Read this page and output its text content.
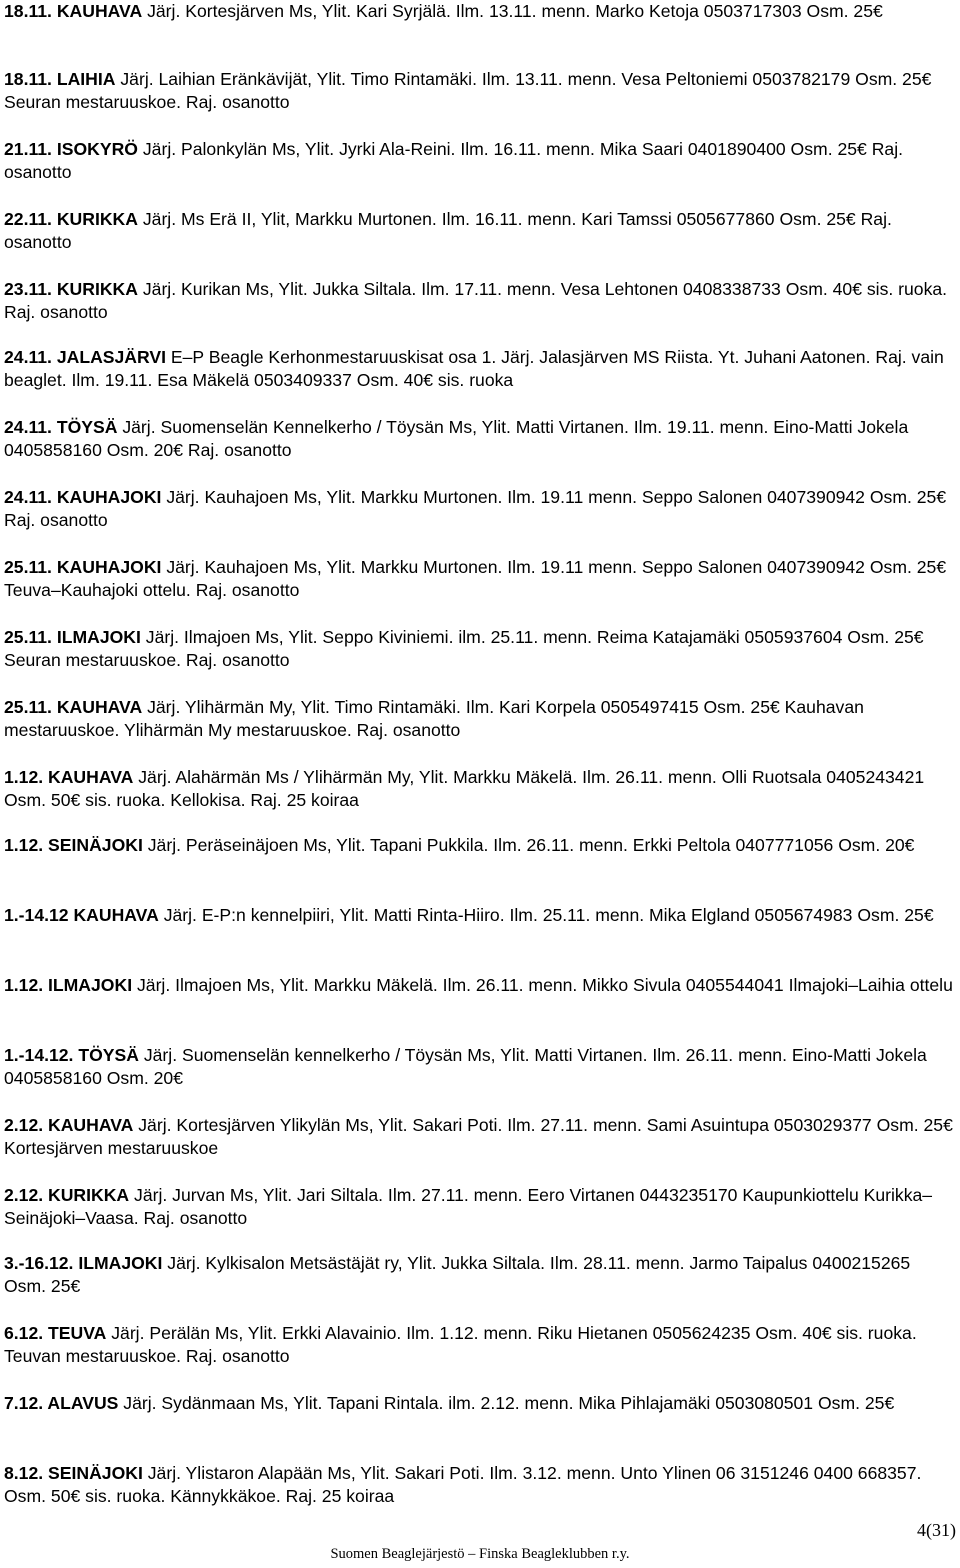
18.11. KAUHAVA Järj. Kortesjärven Ms, Ylit. Kari Syrjälä. Ilm. 13.11. menn. Marko Ketoja 0503717303 Osm. 25€

18.11. LAIHIA Järj. Laihian Eränkävijät, Ylit. Timo Rintamäki. Ilm. 13.11. menn. Vesa Peltoniemi 0503782179 Osm. 25€ Seuran mestaruuskoe. Raj. osanotto

21.11. ISOKYRÖ Järj. Palonkylän Ms, Ylit. Jyrki Ala-Reini. Ilm. 16.11. menn. Mika Saari 0401890400 Osm. 25€ Raj. osanotto

22.11. KURIKKA Järj. Ms Erä II, Ylit, Markku Murtonen. Ilm. 16.11. menn. Kari Tamssi 0505677860 Osm. 25€ Raj. osanotto

23.11. KURIKKA Järj. Kurikan Ms, Ylit. Jukka Siltala. Ilm. 17.11. menn. Vesa Lehtonen 0408338733 Osm. 40€ sis. ruoka. Raj. osanotto

24.11. JALASJÄRVI E–P Beagle Kerhonmestaruuskisat osa 1. Järj. Jalasjärven MS Riista. Yt. Juhani Aatonen. Raj. vain beaglet. Ilm. 19.11. Esa Mäkelä 0503409337 Osm. 40€ sis. ruoka

24.11. TÖYSÄ Järj. Suomenselän Kennelkerho / Töysän Ms, Ylit. Matti Virtanen. Ilm. 19.11. menn. Eino-Matti Jokela 0405858160 Osm. 20€ Raj. osanotto

24.11. KAUHAJOKI Järj. Kauhajoen Ms, Ylit. Markku Murtonen. Ilm. 19.11 menn. Seppo Salonen 0407390942 Osm. 25€ Raj. osanotto

25.11. KAUHAJOKI Järj. Kauhajoen Ms, Ylit. Markku Murtonen. Ilm. 19.11 menn. Seppo Salonen 0407390942 Osm. 25€ Teuva–Kauhajoki ottelu. Raj. osanotto

25.11. ILMAJOKI Järj. Ilmajoen Ms, Ylit. Seppo Kiviniemi. ilm. 25.11. menn. Reima Katajamäki 0505937604 Osm. 25€ Seuran mestaruuskoe. Raj. osanotto

25.11. KAUHAVA Järj. Ylihärmän My, Ylit. Timo Rintamäki. Ilm. Kari Korpela 0505497415 Osm. 25€ Kauhavan mestaruuskoe. Ylihärmän My mestaruuskoe. Raj. osanotto

1.12. KAUHAVA Järj. Alahärmän Ms / Ylihärmän My, Ylit. Markku Mäkelä. Ilm. 26.11. menn. Olli Ruotsala 0405243421 Osm. 50€ sis. ruoka. Kellokisa. Raj. 25 koiraa

1.12. SEINÄJOKI Järj. Peräseinäjoen Ms, Ylit. Tapani Pukkila. Ilm. 26.11. menn. Erkki Peltola 0407771056 Osm. 20€

1.-14.12 KAUHAVA Järj. E-P:n kennelpiiri, Ylit. Matti Rinta-Hiiro. Ilm. 25.11. menn. Mika Elgland 0505674983 Osm. 25€

1.12. ILMAJOKI Järj. Ilmajoen Ms, Ylit. Markku Mäkelä. Ilm. 26.11. menn. Mikko Sivula 0405544041 Ilmajoki–Laihia ottelu

1.-14.12. TÖYSÄ Järj. Suomenselän kennelkerho / Töysän Ms, Ylit. Matti Virtanen. Ilm. 26.11. menn. Eino-Matti Jokela 0405858160 Osm. 20€

2.12. KAUHAVA Järj. Kortesjärven Ylikylän Ms, Ylit. Sakari Poti. Ilm. 27.11. menn. Sami Asuintupa 0503029377 Osm. 25€ Kortesjärven mestaruuskoe

2.12. KURIKKA Järj. Jurvan Ms, Ylit. Jari Siltala. Ilm. 27.11. menn. Eero Virtanen 0443235170 Kaupunkiottelu Kurikka–Seinäjoki–Vaasa. Raj. osanotto

3.-16.12. ILMAJOKI Järj. Kylkisalon Metsästäjät ry, Ylit. Jukka Siltala. Ilm. 28.11. menn. Jarmo Taipalus 0400215265 Osm. 25€

6.12. TEUVA Järj. Perälän Ms, Ylit. Erkki Alavainio. Ilm. 1.12. menn. Riku Hietanen 0505624235 Osm. 40€ sis. ruoka. Teuvan mestaruuskoe. Raj. osanotto

7.12. ALAVUS Järj. Sydänmaan Ms, Ylit. Tapani Rintala. ilm. 2.12. menn. Mika Pihlajamäki 0503080501 Osm. 25€

8.12. SEINÄJOKI Järj. Ylistaron Alapään Ms, Ylit. Sakari Poti. Ilm. 3.12. menn. Unto Ylinen 06 3151246 0400 668357. Osm. 50€ sis. ruoka. Kännykkäkoe. Raj. 25 koiraa

4(31)
Suomen Beaglejärjestö – Finska Beagleklubben r.y.
